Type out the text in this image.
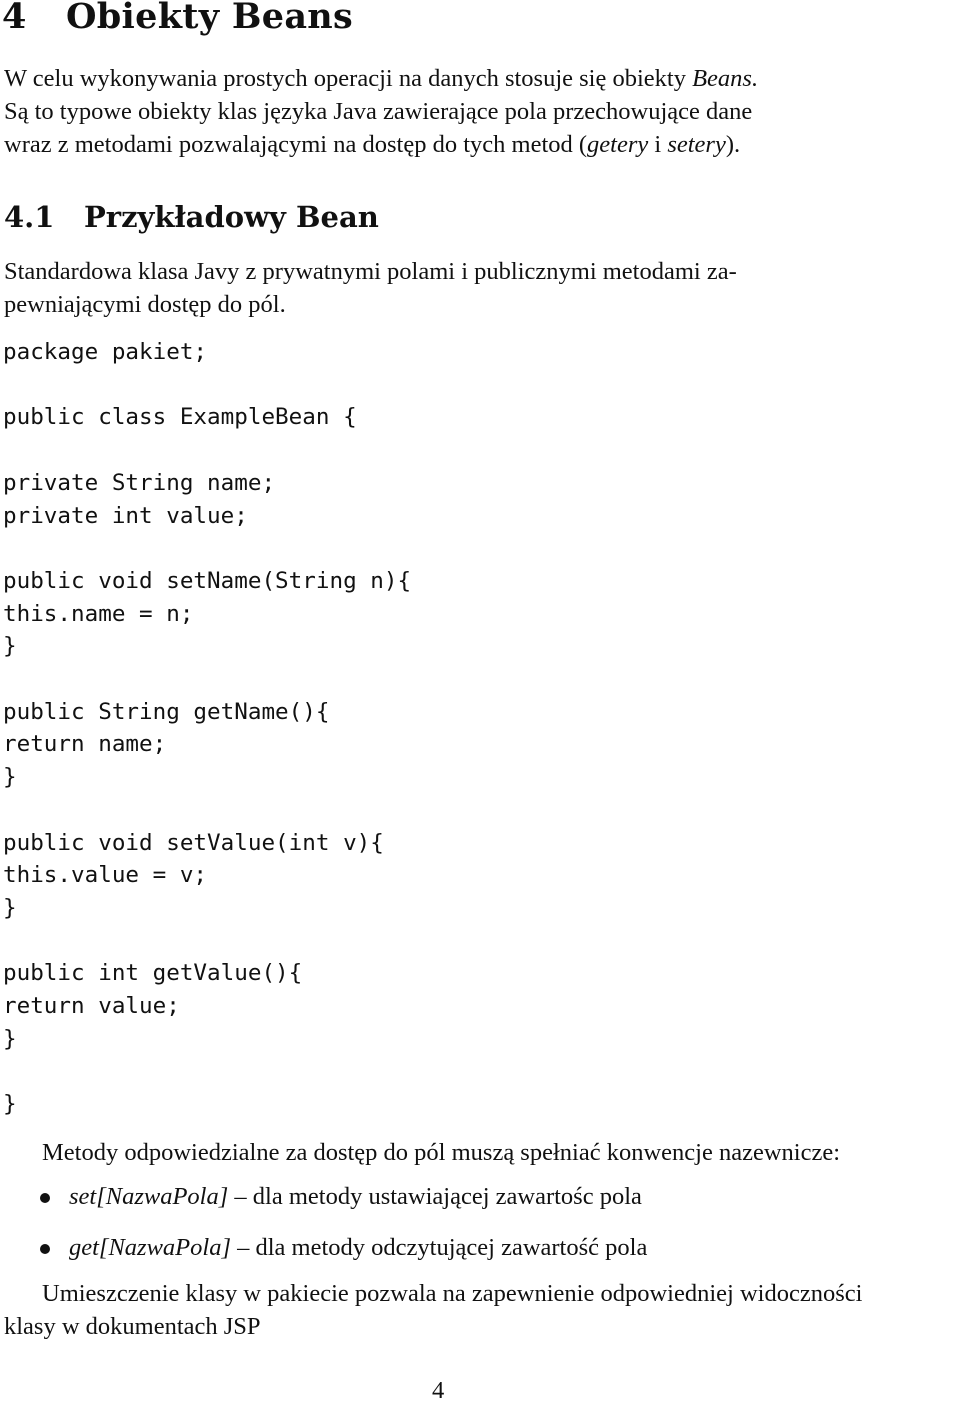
4 Obiekty Beans

W celu wykonywania prostych operacji na danych stosuje się obiekty Beans.
Są to typowe obiekty klas języka Java zawierające pola przechowujące dane
wraz z metodami pozwalającymi na dostęp do tych metod (getery i setery).

4.1 Przykładowy Bean

Standardowa klasa Javy z prywatnymi polami i publicznymi metodami za-
pewniającymi dostęp do pól.

package pakiet;

public class ExampleBean {

private String name;
private int value;

public void setName(String n){
this.name = n;
}

public String getName(){
return name;
}

public void setValue(int v){
this.value = v;
}

public int getValue(){
return value;
}

}

Metody odpowiedzialne za dostęp do pól muszą spełniać konwencje nazewnicze:

set[NazwaPola] – dla metody ustawiającej zawartośc pola
get[NazwaPola] – dla metody odczytującej zawartość pola

Umieszczenie klasy w pakiecie pozwala na zapewnienie odpowiedniej widoczności
klasy w dokumentach JSP

4
